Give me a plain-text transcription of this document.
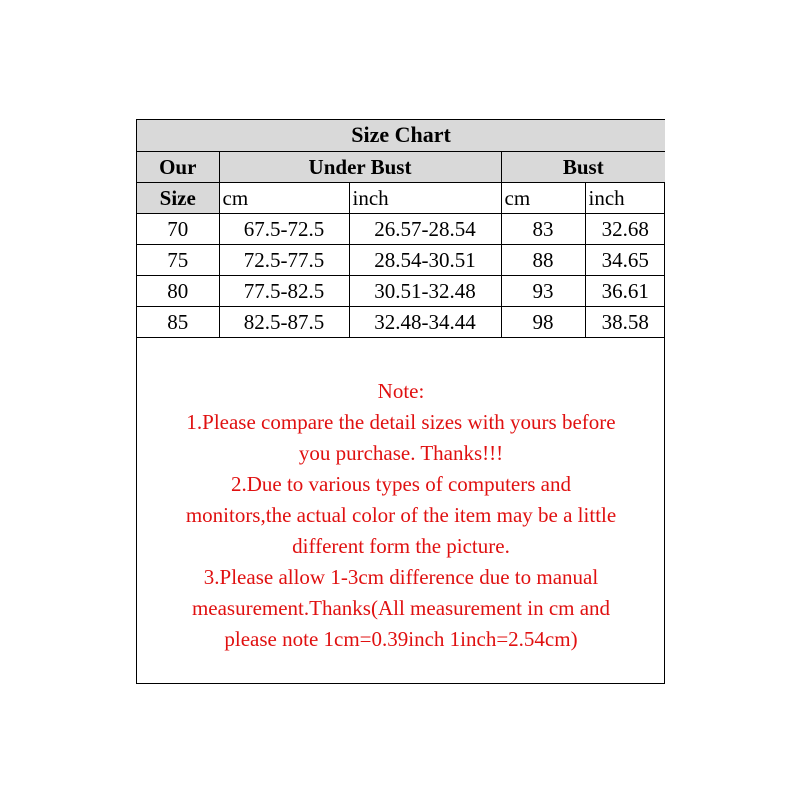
Size Chart				
Our	Under Bust		Bust	
Size	cm	inch	cm	inch
70	67.5-72.5	26.57-28.54	83	32.68
75	72.5-77.5	28.54-30.51	88	34.65
80	77.5-82.5	30.51-32.48	93	36.61
85	82.5-87.5	32.48-34.44	98	38.58
Note:
1.Please compare the detail sizes with yours before
you purchase. Thanks!!!
2.Due to various types of computers and
monitors,the actual color of the item may be a little
different form the picture.
3.Please allow 1-3cm difference due to manual
measurement.Thanks(All measurement in cm and
please note 1cm=0.39inch 1inch=2.54cm)
